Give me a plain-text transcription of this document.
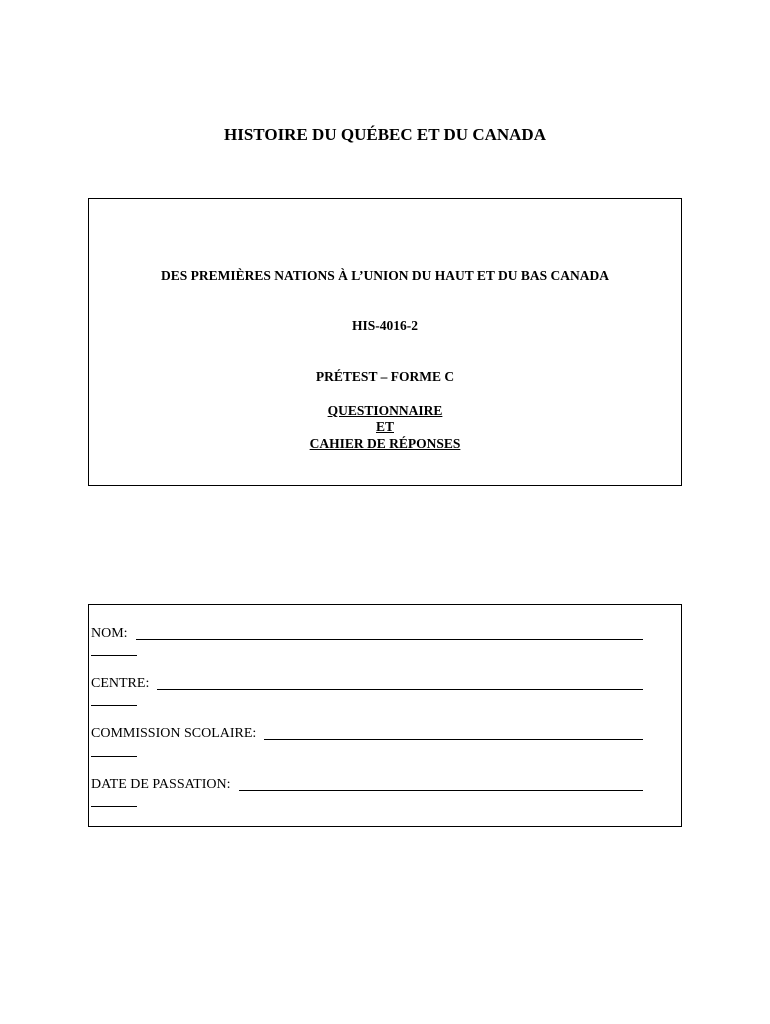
HISTOIRE DU QUÉBEC ET DU CANADA
DES PREMIÈRES NATIONS À L’UNION DU HAUT ET DU BAS CANADA
HIS-4016-2
PRÉTEST – FORME C
QUESTIONNAIRE
ET
CAHIER DE RÉPONSES
NOM:
CENTRE:
COMMISSION SCOLAIRE:
DATE DE PASSATION:
